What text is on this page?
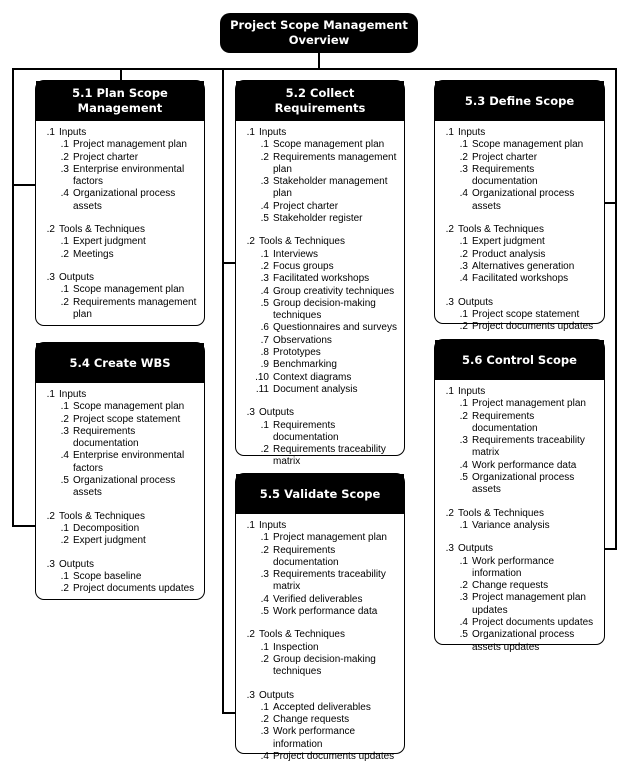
Project Scope Management
Overview
5.1 Plan Scope
Management
.1 Inputs
.1 Project management plan
.2 Project charter
.3 Enterprise environmental factors
.4 Organizational process assets
.2 Tools & Techniques
.1 Expert judgment
.2 Meetings
.3 Outputs
.1 Scope management plan
.2 Requirements management plan
5.2 Collect
Requirements
.1 Inputs
.1 Scope management plan
.2 Requirements management plan
.3 Stakeholder management plan
.4 Project charter
.5 Stakeholder register
.2 Tools & Techniques
.1 Interviews
.2 Focus groups
.3 Facilitated workshops
.4 Group creativity techniques
.5 Group decision-making techniques
.6 Questionnaires and surveys
.7 Observations
.8 Prototypes
.9 Benchmarking
.10 Context diagrams
.11 Document analysis
.3 Outputs
.1 Requirements documentation
.2 Requirements traceability matrix
5.3 Define Scope
.1 Inputs
.1 Scope management plan
.2 Project charter
.3 Requirements documentation
.4 Organizational process assets
.2 Tools & Techniques
.1 Expert judgment
.2 Product analysis
.3 Alternatives generation
.4 Facilitated workshops
.3 Outputs
.1 Project scope statement
.2 Project documents updates
5.4 Create WBS
.1 Inputs
.1 Scope management plan
.2 Project scope statement
.3 Requirements documentation
.4 Enterprise environmental factors
.5 Organizational process assets
.2 Tools & Techniques
.1 Decomposition
.2 Expert judgment
.3 Outputs
.1 Scope baseline
.2 Project documents updates
5.5 Validate Scope
.1 Inputs
.1 Project management plan
.2 Requirements documentation
.3 Requirements traceability matrix
.4 Verified deliverables
.5 Work performance data
.2 Tools & Techniques
.1 Inspection
.2 Group decision-making techniques
.3 Outputs
.1 Accepted deliverables
.2 Change requests
.3 Work performance information
.4 Project documents updates
5.6 Control Scope
.1 Inputs
.1 Project management plan
.2 Requirements documentation
.3 Requirements traceability matrix
.4 Work performance data
.5 Organizational process assets
.2 Tools & Techniques
.1 Variance analysis
.3 Outputs
.1 Work performance information
.2 Change requests
.3 Project management plan updates
.4 Project documents updates
.5 Organizational process assets updates
